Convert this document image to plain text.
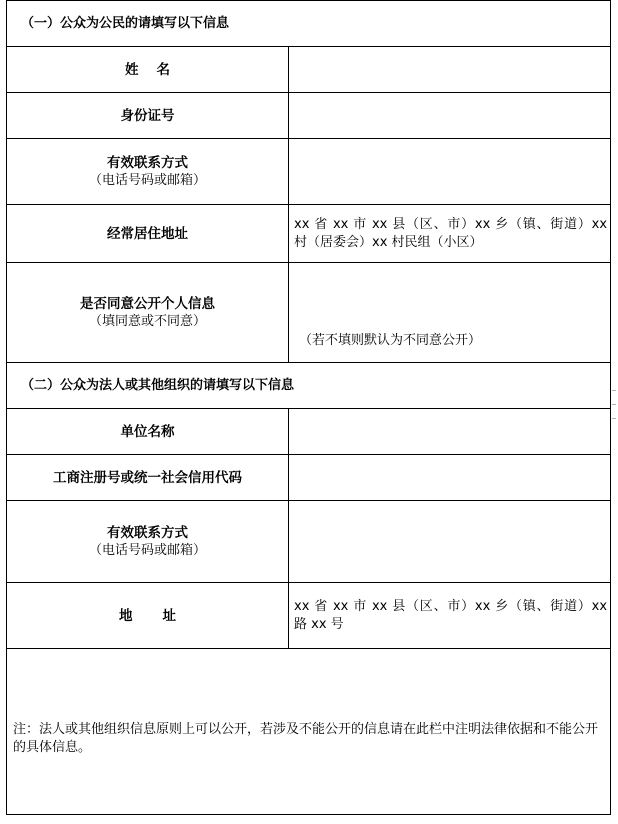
（一）公众为公民的请填写以下信息	

姓名	

身份证号	

有效联系方式
（电话号码或邮箱）	

经常居住地址	xx 省 xx 市 xx 县（区、市）xx 乡（镇、街道）xx 村（居委会）xx 村民组（小区）

是否同意公开个人信息
（填同意或不同意）	（若不填则默认为不同意公开）
（二）公众为法人或其他组织的请填写以下信息	

单位名称	

工商注册号或统一社会信用代码	

有效联系方式
（电话号码或邮箱）	

地址	xx 省 xx 市 xx 县（区、市）xx 乡（镇、街道）xx 路 xx 号

注：法人或其他组织信息原则上可以公开，若涉及不能公开的信息请在此栏中注明法律依据和不能公开的具体信息。	
